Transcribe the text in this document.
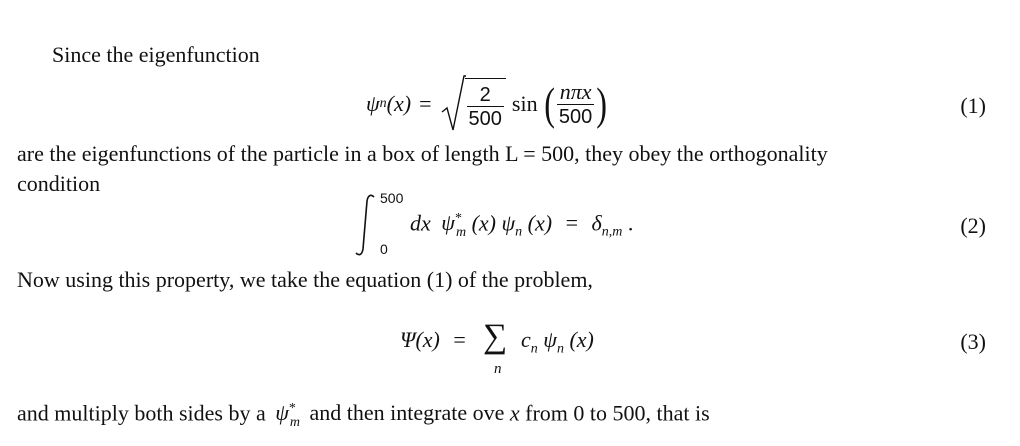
Since the eigenfunction
ψ n $(x) = \frac{2}{500}$ sin ( $\frac{\text{nπx}}{500}$ )	(1)
are the eigenfunctions of the particle in a box of length L = 500, they obey the orthogonality
condition
500
0
dx $\psi^*_m$ (x) $\psi_n$ $(x) = \delta_{n,m}$ .	(2)
Now using this property, we take the equation (1) of the problem,
Ψ(x) = ∑
n
$c_n$ $\psi_n$ (x)	(3)
and multiply both sides by a $\psi^*_m$ and then integrate ove x from 0 to 500, that is
